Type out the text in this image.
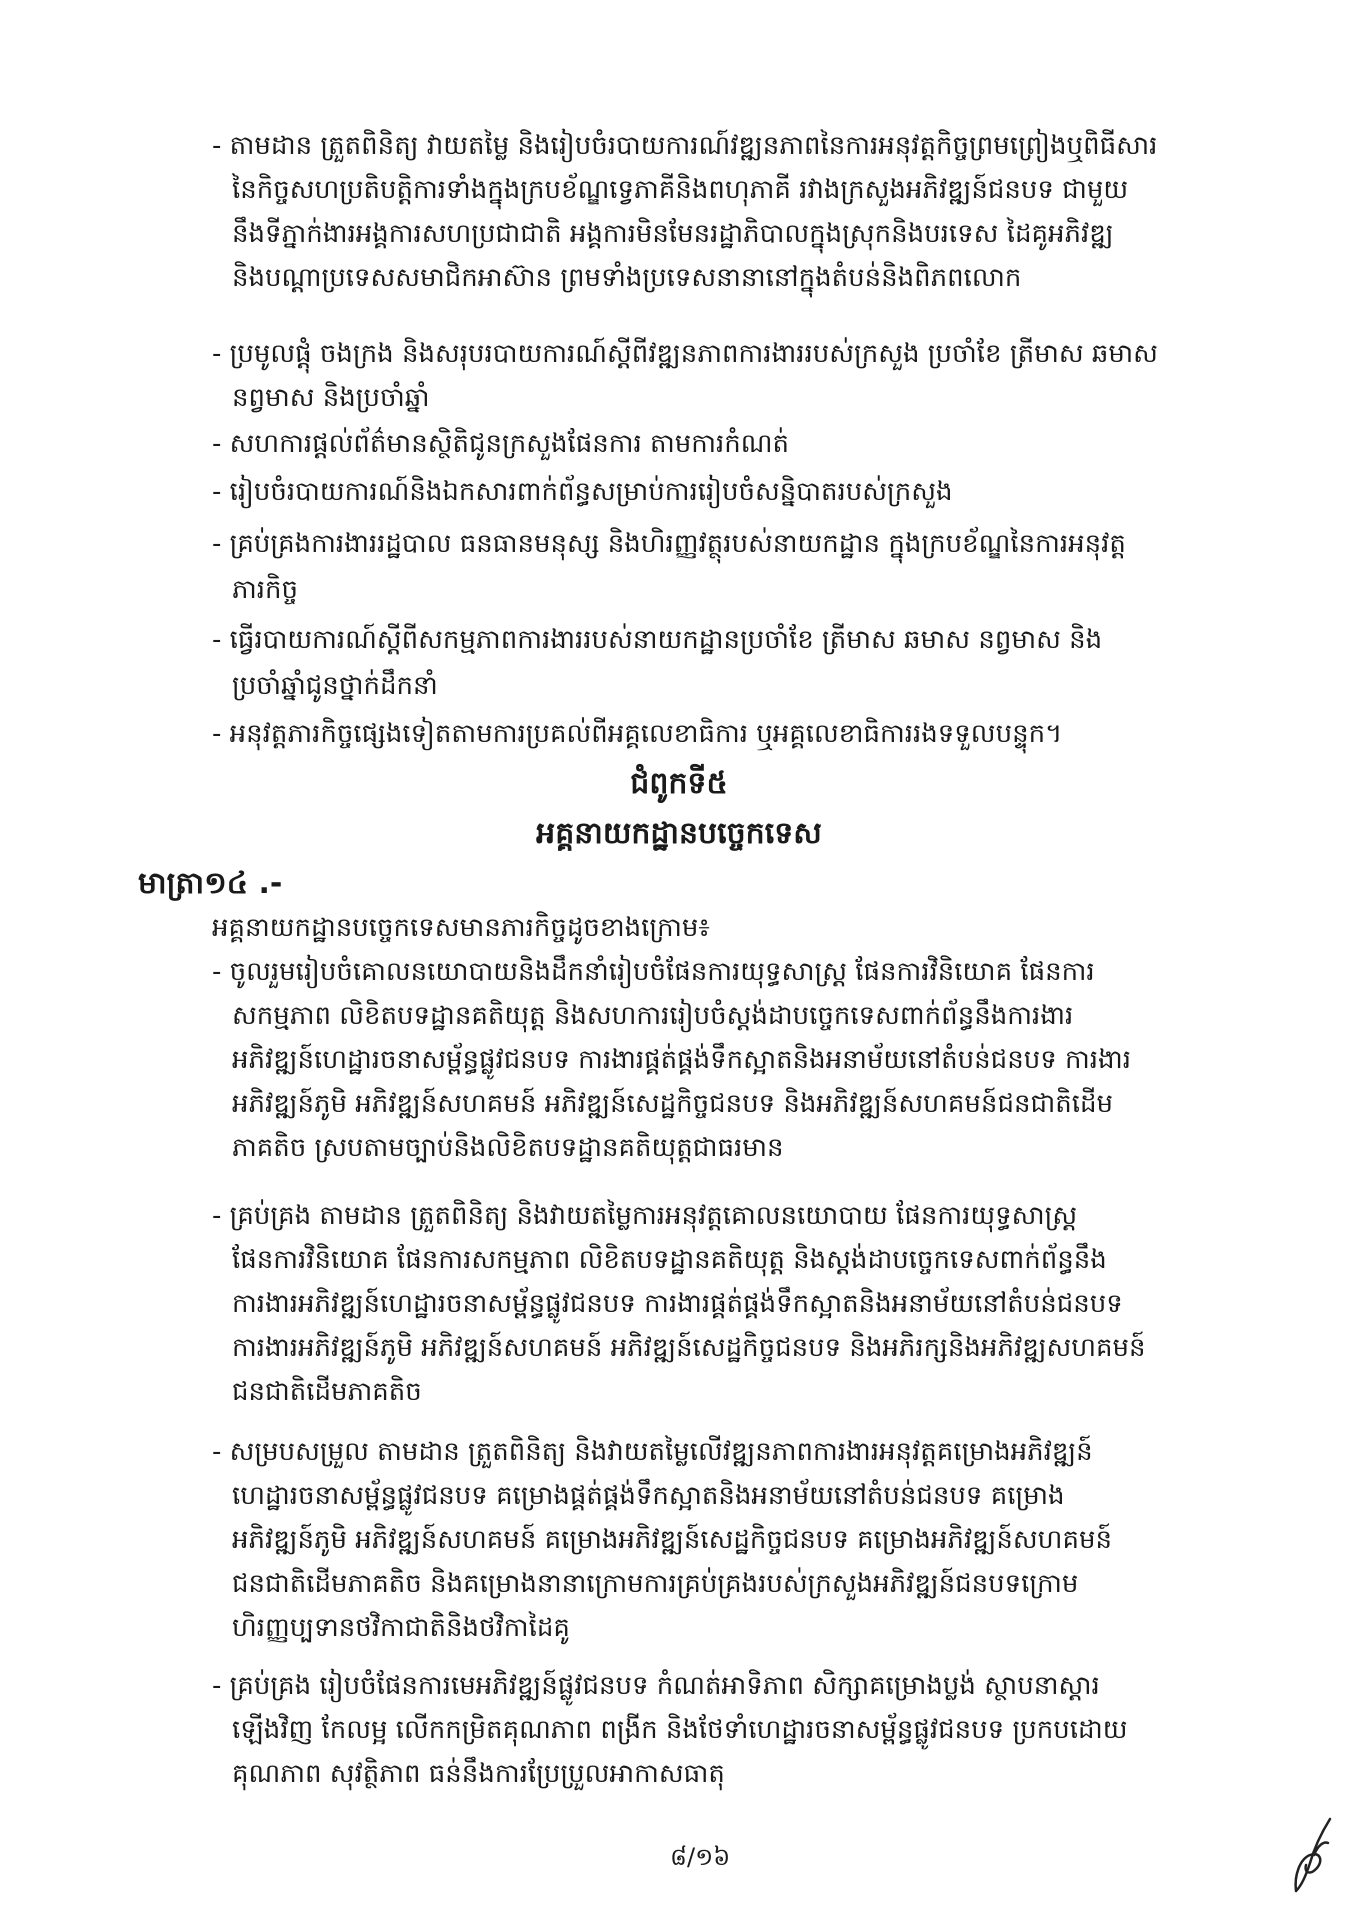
- តាមដាន ត្រួតពិនិត្យ វាយតម្លៃ និងរៀបចំរបាយការណ៍វឌ្ឍនភាពនៃការអនុវត្តកិច្ចព្រមព្រៀងឬពិធីសារ
នៃកិច្ចសហប្រតិបត្តិការទាំងក្នុងក្របខ័ណ្ឌទ្វេភាគីនិងពហុភាគី រវាងក្រសួងអភិវឌ្ឍន៍ជនបទ ជាមួយ
នឹងទីភ្នាក់ងារអង្គការសហប្រជាជាតិ អង្គការមិនមែនរដ្ឋាភិបាលក្នុងស្រុកនិងបរទេស ដៃគូអភិវឌ្ឍ
និងបណ្តាប្រទេសសមាជិកអាស៊ាន ព្រមទាំងប្រទេសនានានៅក្នុងតំបន់និងពិភពលោក
- ប្រមូលផ្តុំ ចងក្រង និងសរុបរបាយការណ៍ស្តីពីវឌ្ឍនភាពការងាររបស់ក្រសួង ប្រចាំខែ ត្រីមាស ឆមាស
នព្វមាស និងប្រចាំឆ្នាំ
- សហការផ្តល់ព័ត៌មានស្ថិតិជូនក្រសួងផែនការ តាមការកំណត់
- រៀបចំរបាយការណ៍និងឯកសារពាក់ព័ន្ធសម្រាប់ការរៀបចំសន្និបាតរបស់ក្រសួង
- គ្រប់គ្រងការងាររដ្ឋបាល ធនធានមនុស្ស និងហិរញ្ញវត្ថុរបស់នាយកដ្ឋាន ក្នុងក្របខ័ណ្ឌនៃការអនុវត្ត
ភារកិច្ច
- ធ្វើរបាយការណ៍ស្តីពីសកម្មភាពការងាររបស់នាយកដ្ឋានប្រចាំខែ ត្រីមាស ឆមាស នព្វមាស និង
ប្រចាំឆ្នាំជូនថ្នាក់ដឹកនាំ
- អនុវត្តភារកិច្ចផ្សេងទៀតតាមការប្រគល់ពីអគ្គលេខាធិការ ឬអគ្គលេខាធិការរងទទួលបន្ទុក។
ជំពូកទី៥
អគ្គនាយកដ្ឋានបច្ចេកទេស
មាត្រា១៤ .-
អគ្គនាយកដ្ឋានបច្ចេកទេសមានភារកិច្ចដូចខាងក្រោម៖
- ចូលរួមរៀបចំគោលនយោបាយនិងដឹកនាំរៀបចំផែនការយុទ្ធសាស្ត្រ ផែនការវិនិយោគ ផែនការ
សកម្មភាព លិខិតបទដ្ឋានគតិយុត្ត និងសហការរៀបចំស្តង់ដាបច្ចេកទេសពាក់ព័ន្ធនឹងការងារ
អភិវឌ្ឍន៍ហេដ្ឋារចនាសម្ព័ន្ធផ្លូវជនបទ ការងារផ្គត់ផ្គង់ទឹកស្អាតនិងអនាម័យនៅតំបន់ជនបទ ការងារ
អភិវឌ្ឍន៍ភូមិ អភិវឌ្ឍន៍សហគមន៍ អភិវឌ្ឍន៍សេដ្ឋកិច្ចជនបទ និងអភិវឌ្ឍន៍សហគមន៍ជនជាតិដើម
ភាគតិច ស្របតាមច្បាប់និងលិខិតបទដ្ឋានគតិយុត្តជាធរមាន
- គ្រប់គ្រង តាមដាន ត្រួតពិនិត្យ និងវាយតម្លៃការអនុវត្តគោលនយោបាយ ផែនការយុទ្ធសាស្ត្រ
ផែនការវិនិយោគ ផែនការសកម្មភាព លិខិតបទដ្ឋានគតិយុត្ត និងស្តង់ដាបច្ចេកទេសពាក់ព័ន្ធនឹង
ការងារអភិវឌ្ឍន៍ហេដ្ឋារចនាសម្ព័ន្ធផ្លូវជនបទ ការងារផ្គត់ផ្គង់ទឹកស្អាតនិងអនាម័យនៅតំបន់ជនបទ
ការងារអភិវឌ្ឍន៍ភូមិ អភិវឌ្ឍន៍សហគមន៍ អភិវឌ្ឍន៍សេដ្ឋកិច្ចជនបទ និងអភិរក្សនិងអភិវឌ្ឍសហគមន៍
ជនជាតិដើមភាគតិច
- សម្របសម្រួល តាមដាន ត្រួតពិនិត្យ និងវាយតម្លៃលើវឌ្ឍនភាពការងារអនុវត្តគម្រោងអភិវឌ្ឍន៍
ហេដ្ឋារចនាសម្ព័ន្ធផ្លូវជនបទ គម្រោងផ្គត់ផ្គង់ទឹកស្អាតនិងអនាម័យនៅតំបន់ជនបទ គម្រោង
អភិវឌ្ឍន៍ភូមិ អភិវឌ្ឍន៍សហគមន៍ គម្រោងអភិវឌ្ឍន៍សេដ្ឋកិច្ចជនបទ គម្រោងអភិវឌ្ឍន៍សហគមន៍
ជនជាតិដើមភាគតិច និងគម្រោងនានាក្រោមការគ្រប់គ្រងរបស់ក្រសួងអភិវឌ្ឍន៍ជនបទក្រោម
ហិរញ្ញប្បទានថវិកាជាតិនិងថវិកាដៃគូ
- គ្រប់គ្រង រៀបចំផែនការមេអភិវឌ្ឍន៍ផ្លូវជនបទ កំណត់អាទិភាព សិក្សាគម្រោងប្លង់ ស្ថាបនាស្តារ
ឡើងវិញ កែលម្អ លើកកម្រិតគុណភាព ពង្រីក និងថែទាំហេដ្ឋារចនាសម្ព័ន្ធផ្លូវជនបទ ប្រកបដោយ
គុណភាព សុវត្ថិភាព ធន់នឹងការប្រែប្រួលអាកាសធាតុ
៨/១៦
